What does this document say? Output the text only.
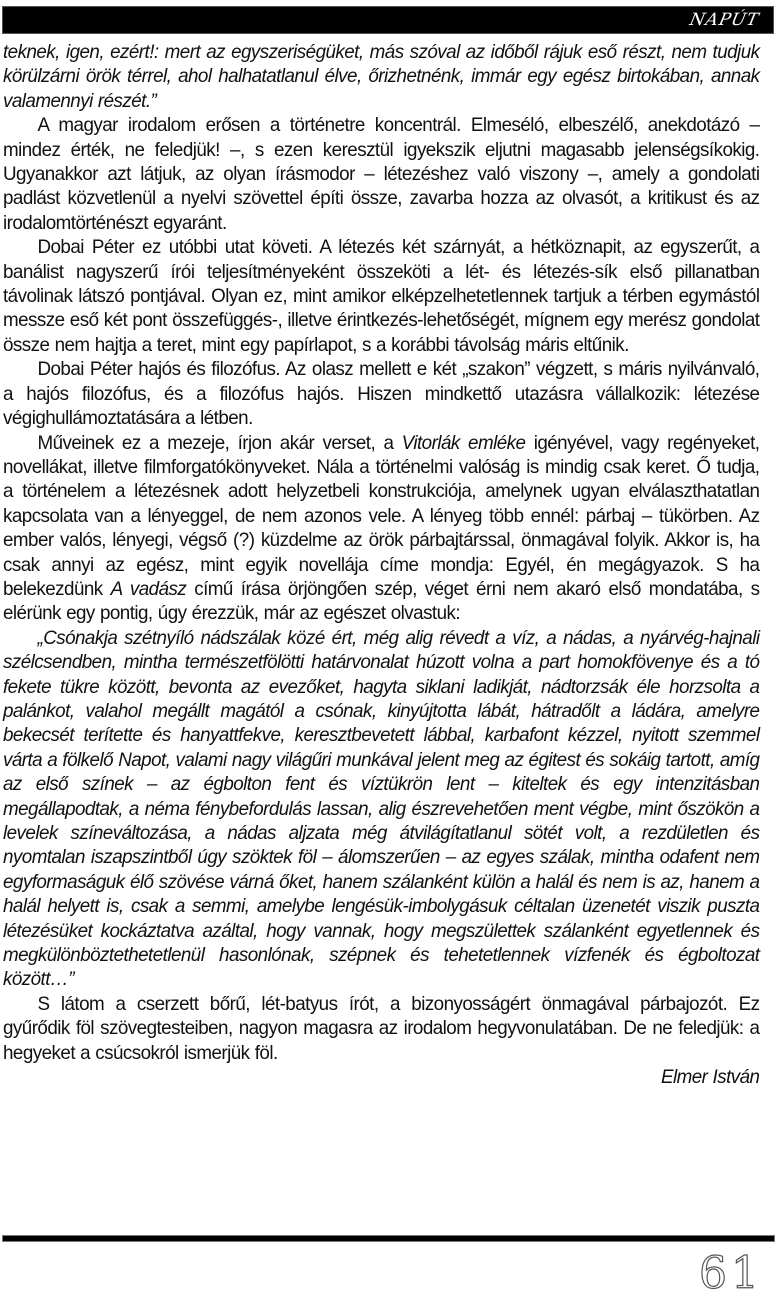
NAPÚT

teknek, igen, ezért!: mert az egyszeriségüket, más szóval az időből rájuk eső részt, nem tudjuk körülzárni örök térrel, ahol halhatatlanul élve, őrizhetnénk, immár egy egész birtokában, annak valamennyi részét.”

A magyar irodalom erősen a történetre koncentrál. Elmeséló, elbeszélő, anekdotázó – mindez érték, ne feledjük! –, s ezen keresztül igyekszik eljutni magasabb jelenségsíkokig. Ugyanakkor azt látjuk, az olyan írásmodor – létezéshez való viszony –, amely a gondolati padlást közvetlenül a nyelvi szövettel építi össze, zavarba hozza az olvasót, a kritikust és az irodalomtörténészt egyaránt.

Dobai Péter ez utóbbi utat követi. A létezés két szárnyát, a hétköznapit, az egyszerűt, a banálist nagyszerű írói teljesítményeként összeköti a lét- és létezés-sík első pillanatban távolinak látszó pontjával. Olyan ez, mint amikor elképzelhetetlennek tartjuk a térben egymástól messze eső két pont összefüggés-, illetve érintkezés-lehetőségét, mígnem egy merész gondolat össze nem hajtja a teret, mint egy papírlapot, s a korábbi távolság máris eltűnik.

Dobai Péter hajós és filozófus. Az olasz mellett e két „szakon” végzett, s máris nyilvánvaló, a hajós filozófus, és a filozófus hajós. Hiszen mindkettő utazásra vállalkozik: létezése végighullámoztatására a létben.

Műveinek ez a mezeje, írjon akár verset, a Vitorlák emléke igényével, vagy regényeket, novellákat, illetve filmforgatókönyveket. Nála a történelmi valóság is mindig csak keret. Ő tudja, a történelem a létezésnek adott helyzetbeli konstrukciója, amelynek ugyan elválaszthatatlan kapcsolata van a lényeggel, de nem azonos vele. A lényeg több ennél: párbaj – tükörben. Az ember valós, lényegi, végső (?) küzdelme az örök párbajtárssal, önmagával folyik. Akkor is, ha csak annyi az egész, mint egyik novellája címe mondja: Egyél, én megágyazok. S ha belekezdünk A vadász című írása örjöngően szép, véget érni nem akaró első mondatába, s elérünk egy pontig, úgy érezzük, már az egészet olvastuk:

„Csónakja szétnyíló nádszálak közé ért, még alig révedt a víz, a nádas, a nyárvég-hajnali szélcsendben, mintha természetfölötti határvonalat húzott volna a part homokfövenye és a tó fekete tükre között, bevonta az evezőket, hagyta siklani ladikját, nádtorzsák éle horzsolta a palánkot, valahol megállt magától a csónak, kinyújtotta lábát, hátradőlt a ládára, amelyre bekecsét terítette és hanyattfekve, keresztbevetett lábbal, karbafont kézzel, nyitott szemmel várta a fölkelő Napot, valami nagy világűri munkával jelent meg az égitest és sokáig tartott, amíg az első színek – az égbolton fent és víztükrön lent – kiteltek és egy intenzitásban megállapodtak, a néma fénybefordulás lassan, alig észrevehetően ment végbe, mint őszökön a levelek színeváltozása, a nádas aljzata még átvilágítatlanul sötét volt, a rezdületlen és nyomtalan iszapszintből úgy szöktek föl – álomszerűen – az egyes szálak, mintha odafent nem egyformaságuk élő szövése várná őket, hanem szálanként külön a halál és nem is az, hanem a halál helyett is, csak a semmi, amelybe lengésük-imbolygásuk céltalan üzenetét viszik puszta létezésüket kockáztatva azáltal, hogy vannak, hogy megszülettek szálanként egyetlennek és megkülönböztethetetlenül hasonlónak, szépnek és tehetetlennek vízfenék és égboltozat között…”

S látom a cserzett bőrű, lét-batyus írót, a bizonyosságért önmagával párbajozót. Ez gyűrődik föl szövegtesteiben, nagyon magasra az irodalom hegyvonulatában. De ne feledjük: a hegyeket a csúcsokról ismerjük föl.

Elmer István

61
